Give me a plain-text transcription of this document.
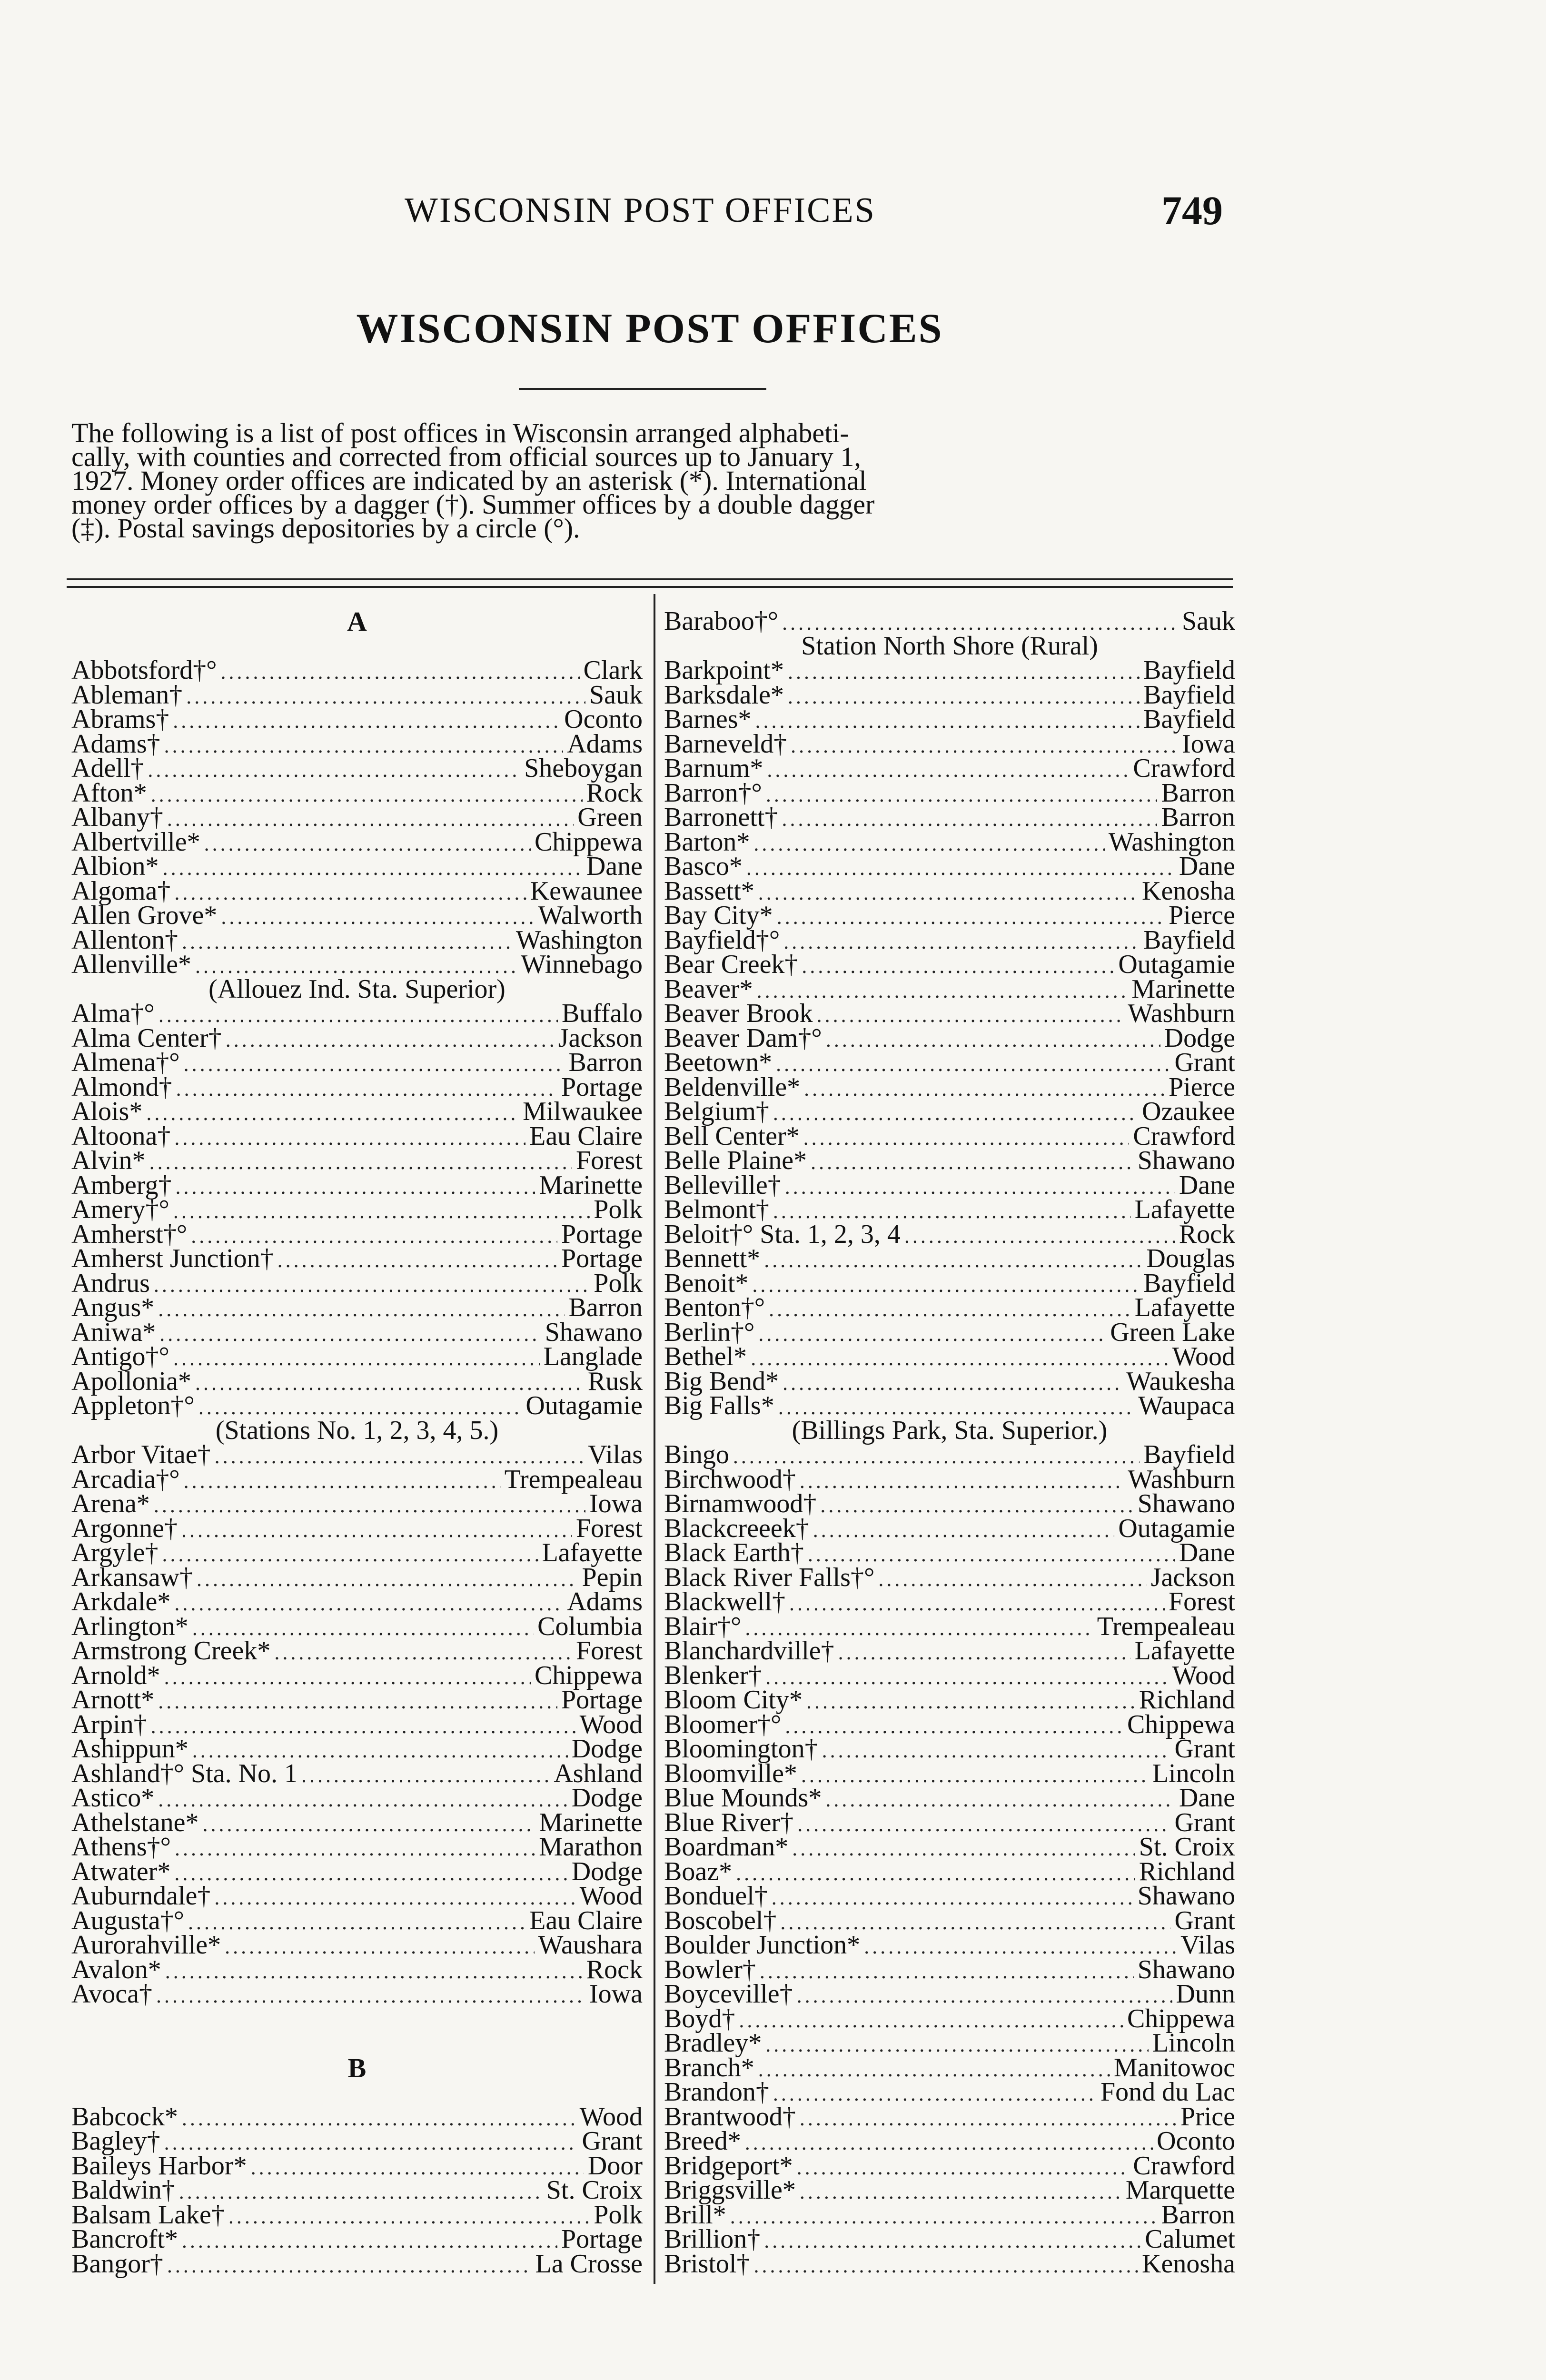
WISCONSIN POST OFFICES	749
WISCONSIN POST OFFICES
The following is a list of post offices in Wisconsin arranged alphabeti-
cally, with counties and corrected from official sources up to January 1,
1927. Money order offices are indicated by an asterisk (*). International
money order offices by a dagger (†). Summer offices by a double dagger
(‡). Postal savings depositories by a circle (°).
A
Abbotsford†° .....	Clark
Ableman† .....	Sauk
Abrams† .....	Oconto
Adams† .....	Adams
Adell† .....	Sheboygan
Afton* .....	Rock
Albany† .....	Green
Albertville* .....	Chippewa
Albion* .....	Dane
Algoma† .....	Kewaunee
Allen Grove* .....	Walworth
Allenton† .....	Washington
Allenville* .....	Winnebago
(Allouez Ind. Sta. Superior)
Alma†° .....	Buffalo
Alma Center† .....	Jackson
Almena†° .....	Barron
Almond† .....	Portage
Alois* .....	Milwaukee
Altoona† .....	Eau Claire
Alvin* .....	Forest
Amberg† .....	Marinette
Amery†° .....	Polk
Amherst†° .....	Portage
Amherst Junction† .....	Portage
Andrus .....	Polk
Angus* .....	Barron
Aniwa* .....	Shawano
Antigo†° .....	Langlade
Apollonia* .....	Rusk
Appleton†° .....	Outagamie
(Stations No. 1, 2, 3, 4, 5.)
Arbor Vitae† .....	Vilas
Arcadia†° .....	Trempealeau
Arena* .....	Iowa
Argonne† .....	Forest
Argyle† .....	Lafayette
Arkansaw† .....	Pepin
Arkdale* .....	Adams
Arlington* .....	Columbia
Armstrong Creek* .....	Forest
Arnold* .....	Chippewa
Arnott* .....	Portage
Arpin† .....	Wood
Ashippun* .....	Dodge
Ashland†° Sta. No. 1 .....	Ashland
Astico* .....	Dodge
Athelstane* .....	Marinette
Athens†° .....	Marathon
Atwater* .....	Dodge
Auburndale† .....	Wood
Augusta†° .....	Eau Claire
Aurorahville* .....	Waushara
Avalon* .....	Rock
Avoca† .....	Iowa
B
Babcock* .....	Wood
Bagley† .....	Grant
Baileys Harbor* .....	Door
Baldwin† .....	St. Croix
Balsam Lake† .....	Polk
Bancroft* .....	Portage
Bangor† .....	La Crosse
Baraboo†° .....	Sauk
Station North Shore (Rural)
Barkpoint* .....	Bayfield
Barksdale* .....	Bayfield
Barnes* .....	Bayfield
Barneveld† .....	Iowa
Barnum* .....	Crawford
Barron†° .....	Barron
Barronett† .....	Barron
Barton* .....	Washington
Basco* .....	Dane
Bassett* .....	Kenosha
Bay City* .....	Pierce
Bayfield†° .....	Bayfield
Bear Creek† .....	Outagamie
Beaver* .....	Marinette
Beaver Brook .....	Washburn
Beaver Dam†° .....	Dodge
Beetown* .....	Grant
Beldenville* .....	Pierce
Belgium† .....	Ozaukee
Bell Center* .....	Crawford
Belle Plaine* .....	Shawano
Belleville† .....	Dane
Belmont† .....	Lafayette
Beloit†° Sta. 1, 2, 3, 4 .....	Rock
Bennett* .....	Douglas
Benoit* .....	Bayfield
Benton†° .....	Lafayette
Berlin†° .....	Green Lake
Bethel* .....	Wood
Big Bend* .....	Waukesha
Big Falls* .....	Waupaca
(Billings Park, Sta. Superior.)
Bingo .....	Bayfield
Birchwood† .....	Washburn
Birnamwood† .....	Shawano
Blackcreeek† .....	Outagamie
Black Earth† .....	Dane
Black River Falls†° .....	Jackson
Blackwell† .....	Forest
Blair†° .....	Trempealeau
Blanchardville† .....	Lafayette
Blenker† .....	Wood
Bloom City* .....	Richland
Bloomer†° .....	Chippewa
Bloomington† .....	Grant
Bloomville* .....	Lincoln
Blue Mounds* .....	Dane
Blue River† .....	Grant
Boardman* .....	St. Croix
Boaz* .....	Richland
Bonduel† .....	Shawano
Boscobel† .....	Grant
Boulder Junction* .....	Vilas
Bowler† .....	Shawano
Boyceville† .....	Dunn
Boyd† .....	Chippewa
Bradley* .....	Lincoln
Branch* .....	Manitowoc
Brandon† .....	Fond du Lac
Brantwood† .....	Price
Breed* .....	Oconto
Bridgeport* .....	Crawford
Briggsville* .....	Marquette
Brill* .....	Barron
Brillion† .....	Calumet
Bristol† .....	Kenosha
